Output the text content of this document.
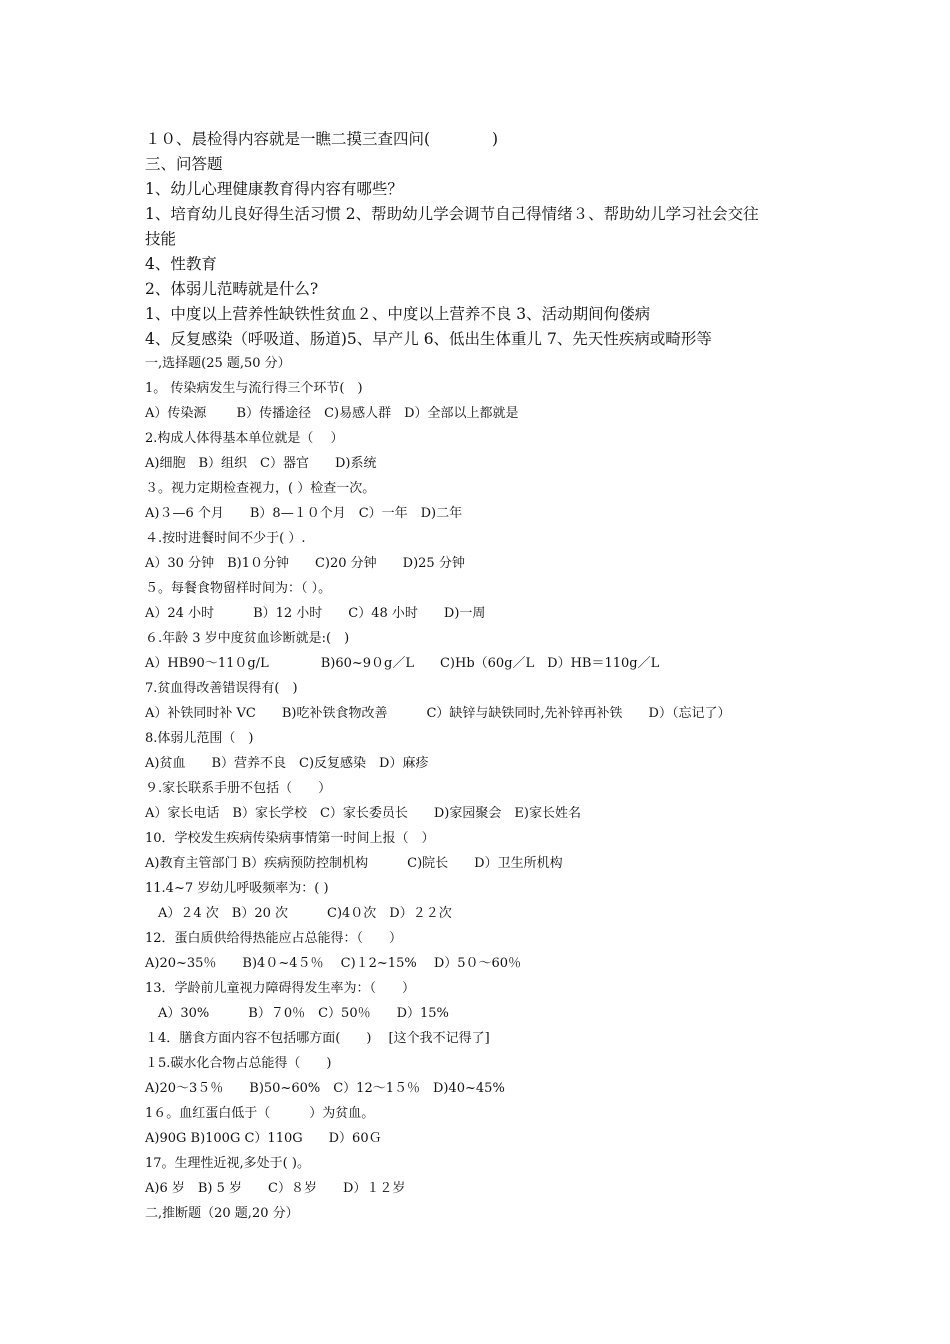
１０、晨检得内容就是一瞧二摸三查四问(　　　　)
三、问答题
1、幼儿心理健康教育得内容有哪些？
1、培育幼儿良好得生活习惯 2、帮助幼儿学会调节自己得情绪３、帮助幼儿学习社会交往
技能
4、性教育
2、体弱儿范畴就是什么?
1、中度以上营养性缺铁性贫血２、中度以上营养不良 3、活动期间佝偻病
4、反复感染（呼吸道、肠道)5、早产儿 6、低出生体重儿 7、先天性疾病或畸形等
一,选择题(25 题,50 分）
1。 传染病发生与流行得三个环节(　)
A）传染源　　 B）传播途径　C)易感人群　D）全部以上都就是
2.构成人体得基本单位就是（　 ）
A)细胞　B）组织　C）器官　　D)系统
３。视力定期检查视力，( ）检查一次。
A)３—6 个月　　B）8—１０个月　C）一年　D)二年
４.按时进餐时间不少于( ）.
A）30 分钟　B)1０分钟　　C)20 分钟　　D)25 分钟
５。每餐食物留样时间为：（ ）。
A）24 小时　　　B）12 小时　　C）48 小时　　D)一周
６.年龄 3 岁中度贫血诊断就是:(　)
A）HB90～11０g/L　　　　B)60~9０g／L　　C)Hb（60g／L　D）HB＝110g／L
7.贫血得改善错误得有(　)
A）补铁同时补 VC　　B)吃补铁食物改善　　　C）缺锌与缺铁同时,先补锌再补铁　　D）（忘记了）
8.体弱儿范围（　)
A)贫血　　B）营养不良　C)反复感染　D）麻疹
９.家长联系手册不包括（　　）
A）家长电话　B）家长学校　C）家长委员长　　D)家园聚会　E)家长姓名
10．学校发生疾病传染病事情第一时间上报（　）
A)教育主管部门 B）疾病预防控制机构　　　C)院长　　D）卫生所机构
11.4~7 岁幼儿呼吸频率为：( )
　A）２4 次　B）20 次　　　C)4０次　D）２２次
12．蛋白质供给得热能应占总能得：（　　）
A)20~35％　　B)4０~4５％　 C)１2~15%　 D）5０～60％
13．学龄前儿童视力障碍得发生率为：（　　）
　A）30%　　　B）７0％　C）50％　　D）15%
１4．膳食方面内容不包括哪方面(　　)　 [这个我不记得了]
１5.碳水化合物占总能得（　　)
A)20～3５％　　B)50~60%　C）12～1５％　D)40~45%
1６。血红蛋白低于（　　　）为贫血。
A)90G B)100G C）110G　　D）60Ｇ
17。生理性近视,多处于( )。
A)6 岁　B) 5 岁　　C）８岁　　D）１２岁
二,推断题（20 题,20 分）
